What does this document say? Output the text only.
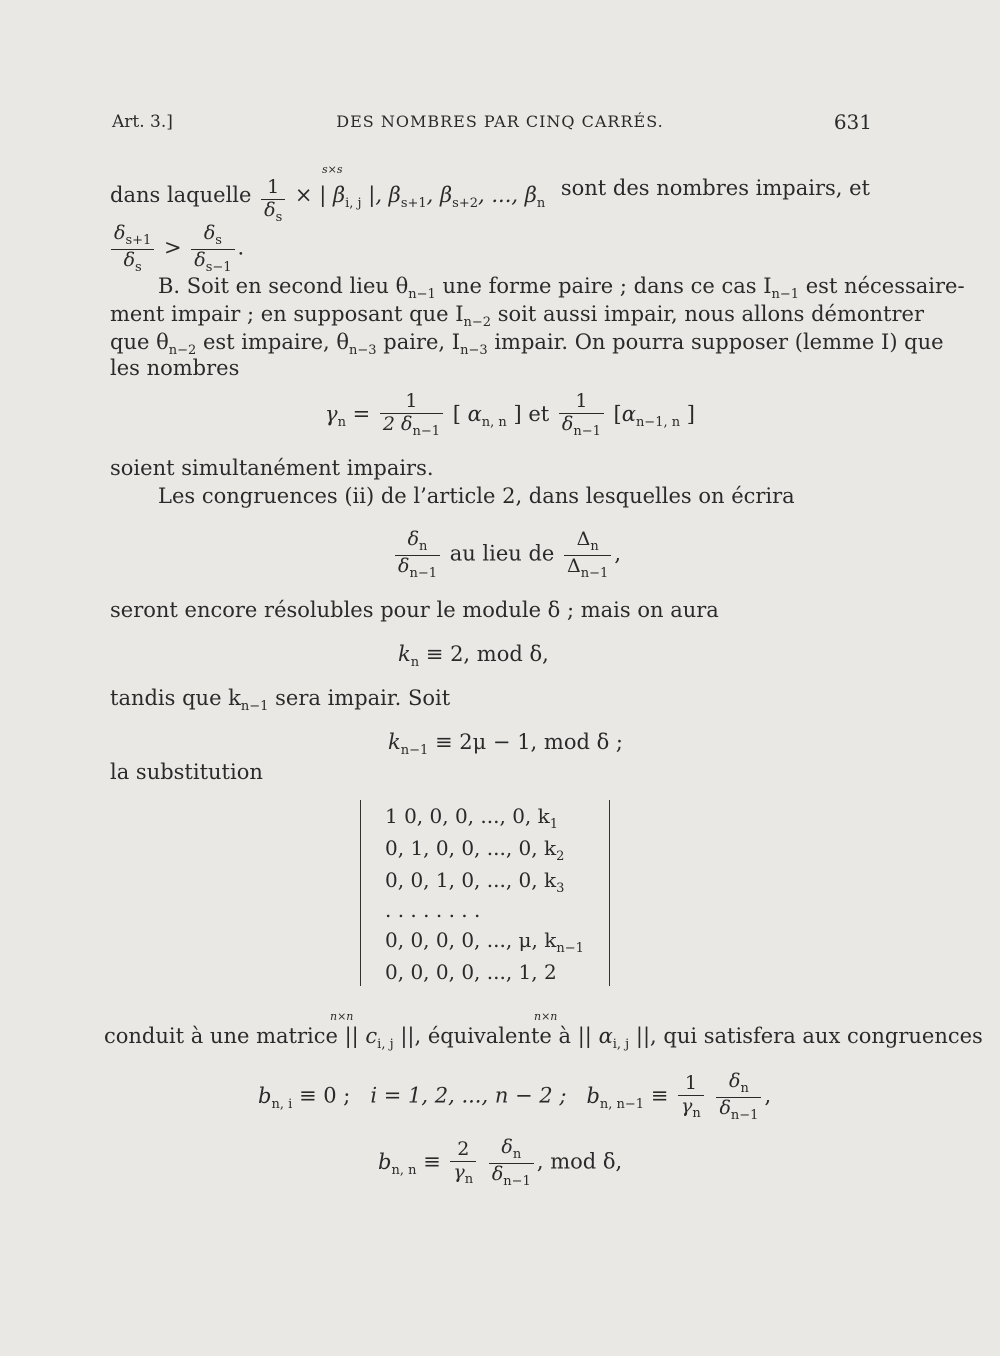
Art. 3.]	DES NOMBRES PAR CINQ CARRÉS.	631
s×s
dans laquelle $\frac{1}{\delta_s}$ × | $\beta_{i, j}$ |, $\beta_{s+1}$, $\beta_{s+2}$, ..., $\beta_n$
sont des nombres impairs, et
$\frac{\delta_{s+1}}{\delta_s} > \frac{\delta_s}{\delta_{s-1}}$ .
B. Soit en second lieu $\theta_{n-1}$ une forme paire ; dans ce cas $I_{n-1}$ est nécessaire-
ment impair ; en supposant que $I_{n-2}$ soit aussi impair, nous allons démontrer
que $\theta_{n-2}$ est impaire, $\theta_{n-3}$ paire, $I_{n-3}$ impair. On pourra supposer (lemme I) que
les nombres
$\gamma_n = \frac{1}{2 \delta_{n-1}}$ [ $\alpha_{n, n}$ ] et $\frac{1}{\delta_{n-1}} [\alpha_{n-1, n}$ ]
soient simultanément impairs.
Les congruences (ii) de l’article 2, dans lesquelles on écrira
$\frac{\delta_n}{\delta_{n-1}}$ au lieu de $\frac{\Delta_n}{\Delta_{n-1}}$ ,
seront encore résolubles pour le module δ ; mais on aura
$k_n \equiv 2$, mod δ,
tandis que $k_{n-1}$ sera impair. Soit
$k_{n-1} \equiv 2\mu - 1$, mod δ ;
la substitution
1 0, 0, 0, ..., 0, $k_1$
0, 1, 0, 0, ..., 0, $k_2$
0, 0, 1, 0, ..., 0, $k_3$
. . . . . . . .
0, 0, 0, 0, ..., μ, $k_{n-1}$
0, 0, 0, 0, ..., 1, 2
n×n	n×n
conduit à une matrice || $c_{i, j}$ ||, équivalente à || $\alpha_{i, j}$ ||, qui satisfera aux congruences
$b_{n, i} \equiv 0$ ; i = 1, 2, ..., n − 2 ; $b_{n, n-1} \equiv \frac{1}{\gamma_n}$
$\frac{\delta_n}{\delta_{n-1}}$ ,
$b_{n, n} \equiv \frac{2}{\gamma_n}$
$\frac{\delta_n}{\delta_{n-1}}$ , mod δ,
